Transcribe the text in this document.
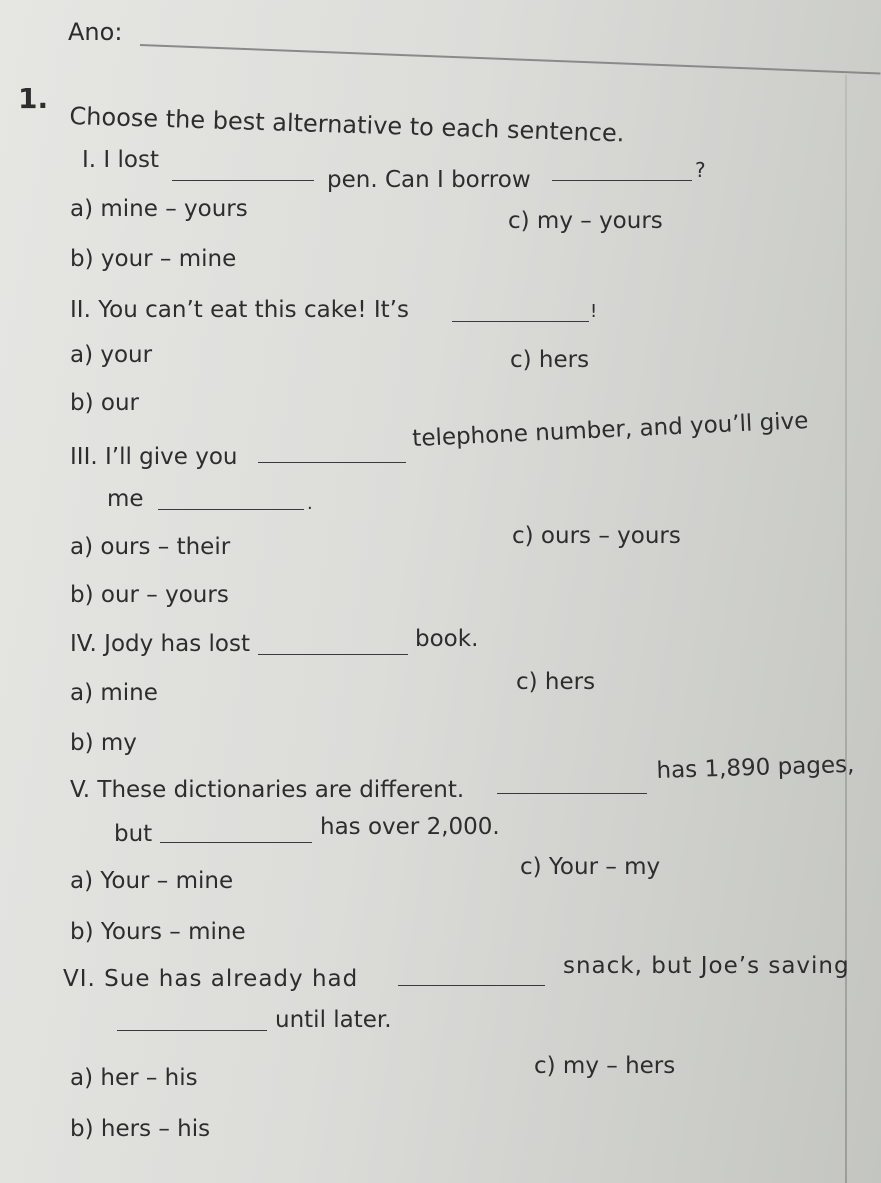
Ano:
1.
Choose the best alternative to each sentence.
I. I lost
pen. Can I borrow	?
a) mine – yours
b) your – mine
c) my – yours
II. You can’t eat this cake! It’s	!
a) your
b) our
c) hers
III. I’ll give you
telephone number, and you’ll give
me	.
a) ours – their
b) our – yours
c) ours – yours
IV. Jody has lost	book.
a) mine
b) my
c) hers
V. These dictionaries are different.
has 1,890 pages,
but	has over 2,000.
a) Your – mine
b) Yours – mine
c) Your – my
VI. Sue has already had	snack, but Joe’s saving
until later.
a) her – his
b) hers – his
c) my – hers
